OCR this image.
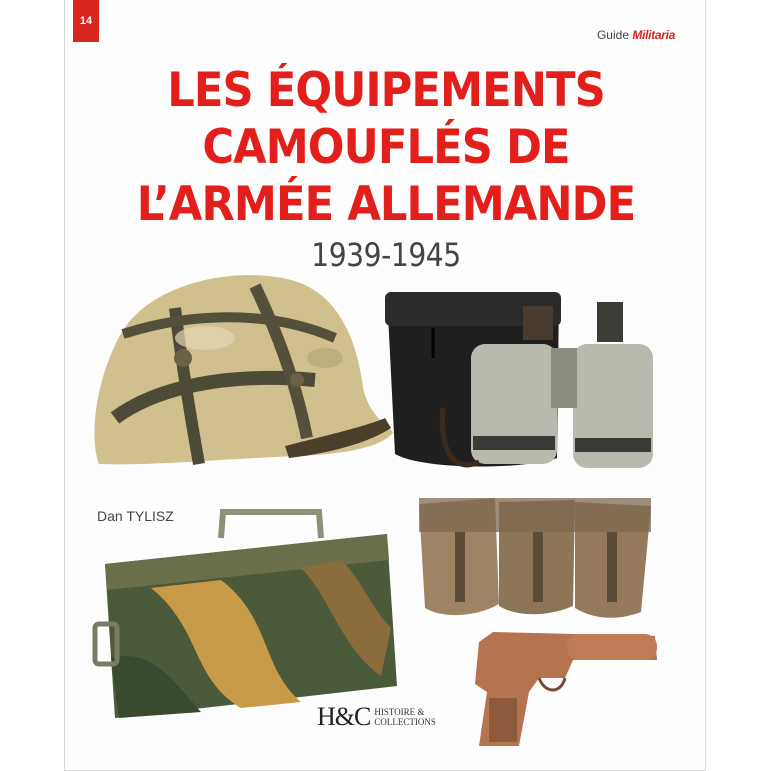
14
Guide Militaria
LES ÉQUIPEMENTS
CAMOUFLÉS DE
L’ARMÉE ALLEMANDE
1939-1945
Dan TYLISZ
H&C HISTOIRE &
COLLECTIONS
